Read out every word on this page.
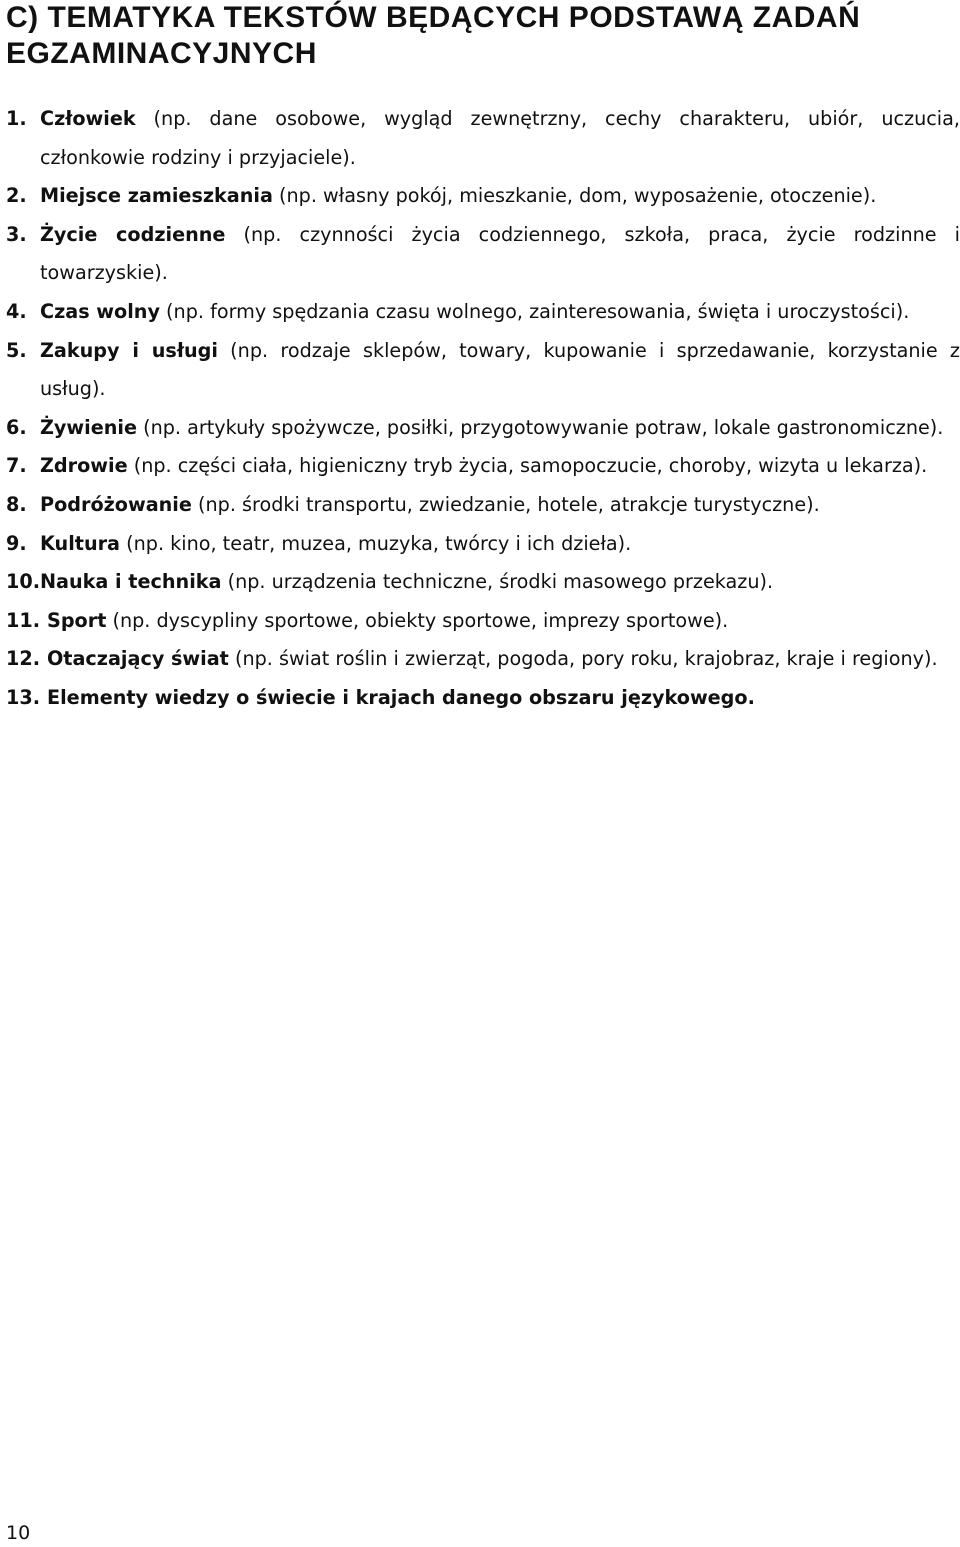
C) TEMATYKA TEKSTÓW BĘDĄCYCH PODSTAWĄ ZADAŃ EGZAMINACYJNYCH
1. Człowiek (np. dane osobowe, wygląd zewnętrzny, cechy charakteru, ubiór, uczucia, członkowie rodziny i przyjaciele).
2. Miejsce zamieszkania (np. własny pokój, mieszkanie, dom, wyposażenie, otoczenie).
3. Życie codzienne (np. czynności życia codziennego, szkoła, praca, życie rodzinne i towarzyskie).
4. Czas wolny (np. formy spędzania czasu wolnego, zainteresowania, święta i uroczystości).
5. Zakupy i usługi (np. rodzaje sklepów, towary, kupowanie i sprzedawanie, korzystanie z usług).
6. Żywienie (np. artykuły spożywcze, posiłki, przygotowywanie potraw, lokale gastronomiczne).
7. Zdrowie (np. części ciała, higieniczny tryb życia, samopoczucie, choroby, wizyta u lekarza).
8. Podróżowanie (np. środki transportu, zwiedzanie, hotele, atrakcje turystyczne).
9. Kultura (np. kino, teatr, muzea, muzyka, twórcy i ich dzieła).
10. Nauka i technika (np. urządzenia techniczne, środki masowego przekazu).
11. Sport (np. dyscypliny sportowe, obiekty sportowe, imprezy sportowe).
12. Otaczający świat (np. świat roślin i zwierząt, pogoda, pory roku, krajobraz, kraje i regiony).
13. Elementy wiedzy o świecie i krajach danego obszaru językowego.
10
